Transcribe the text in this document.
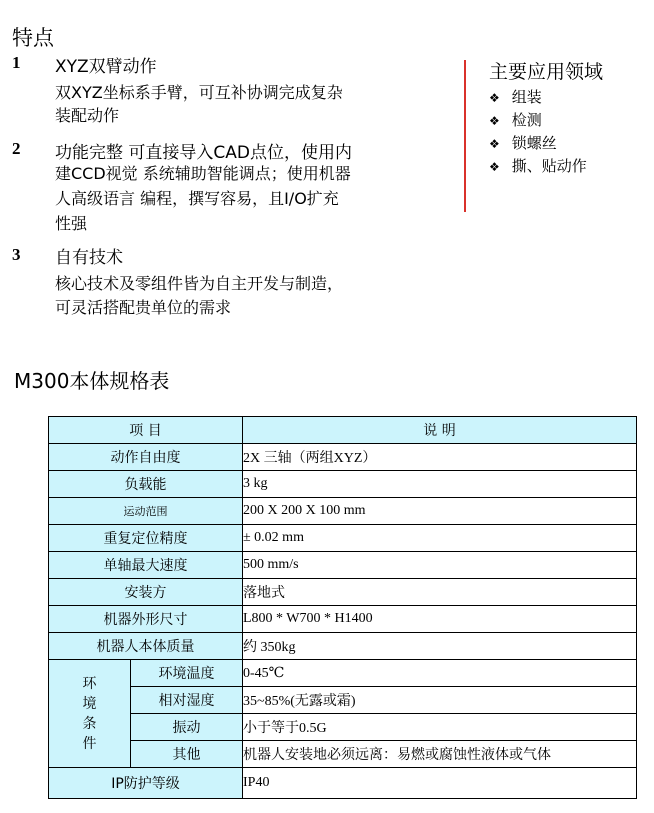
特点
1 XYZ双臂动作
双XYZ坐标系手臂，可互补协调完成复杂
装配动作
2 功能完整 可直接导入CAD点位，使用内
建CCD视觉 系统辅助智能调点；使用机器
人高级语言 编程，撰写容易，且I/O扩充
性强
3 自有技术
核心技术及零组件皆为自主开发与制造，
可灵活搭配贵单位的需求
主要应用领域
❖ 组装
❖ 检测
❖ 锁螺丝
❖ 撕、贴动作
M300本体规格表
项 目		说 明
动作自由度		2X 三轴（两组XYZ）
负载能		3 kg
运动范围		200 X 200 X 100 mm
重复定位精度		± 0.02 mm
单轴最大速度		500 mm/s
安装方		落地式
机器外形尺寸		L800 * W700 * H1400
机器人本体质量		约 350kg
环境条件	环境温度	0-45℃
	相对湿度	35~85%(无露或霜)
	振动	小于等于0.5G
	其他	机器人安装地必须远离：易燃或腐蚀性液体或气体
IP防护等级		IP40
